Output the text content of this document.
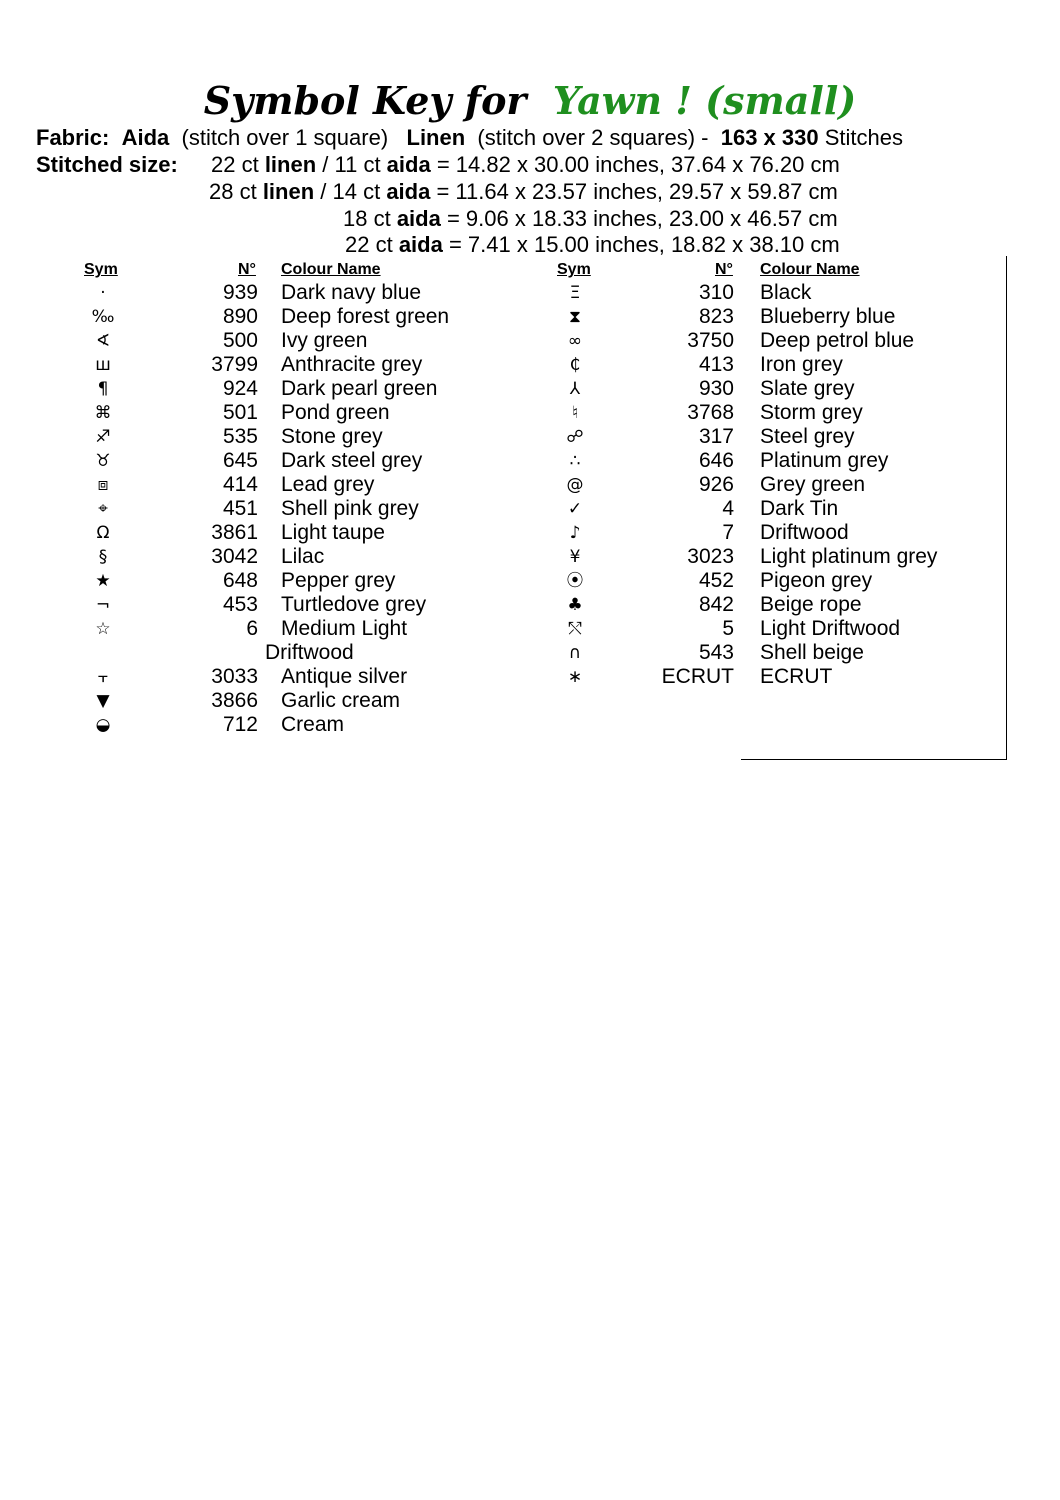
Symbol Key for Yawn ! (small)
Fabric: Aida (stitch over 1 square) Linen (stitch over 2 squares) - 163 x 330 Stitches
Stitched size: 22 ct linen / 11 ct aida = 14.82 x 30.00 inches, 37.64 x 76.20 cm
28 ct linen / 14 ct aida = 11.64 x 23.57 inches, 29.57 x 59.87 cm
18 ct aida = 9.06 x 18.33 inches, 23.00 x 46.57 cm
22 ct aida = 7.41 x 15.00 inches, 18.82 x 38.10 cm
Sym	N° Colour Name	Sym	N° Colour Name
·	939 Dark navy blue
‰	890 Deep forest green
∢	500 Ivy green
ш	3799 Anthracite grey
¶	924 Dark pearl green
⌘	501 Pond green
♐	535 Stone grey
♉	645 Dark steel grey
⧈	414 Lead grey
⌖	451 Shell pink grey
Ω	3861 Light taupe
§	3042 Lilac
★	648 Pepper grey
¬	453 Turtledove grey
☆	6 Medium Light
Driftwood
⫟	3033 Antique silver
▼	3866 Garlic cream
◒	712 Cream
Ξ	310 Black
⧗	823 Blueberry blue
∞	3750 Deep petrol blue
₵	413 Iron grey
⅄	930 Slate grey
♮	3768 Storm grey
☍	317 Steel grey
∴	646 Platinum grey
@	926 Grey green
✓	4 Dark Tin
♪	7 Driftwood
¥	3023 Light platinum grey
⦿	452 Pigeon grey
♣	842 Beige rope
⤲	5 Light Driftwood
∩	543 Shell beige
∗	ECRUT ECRUT
